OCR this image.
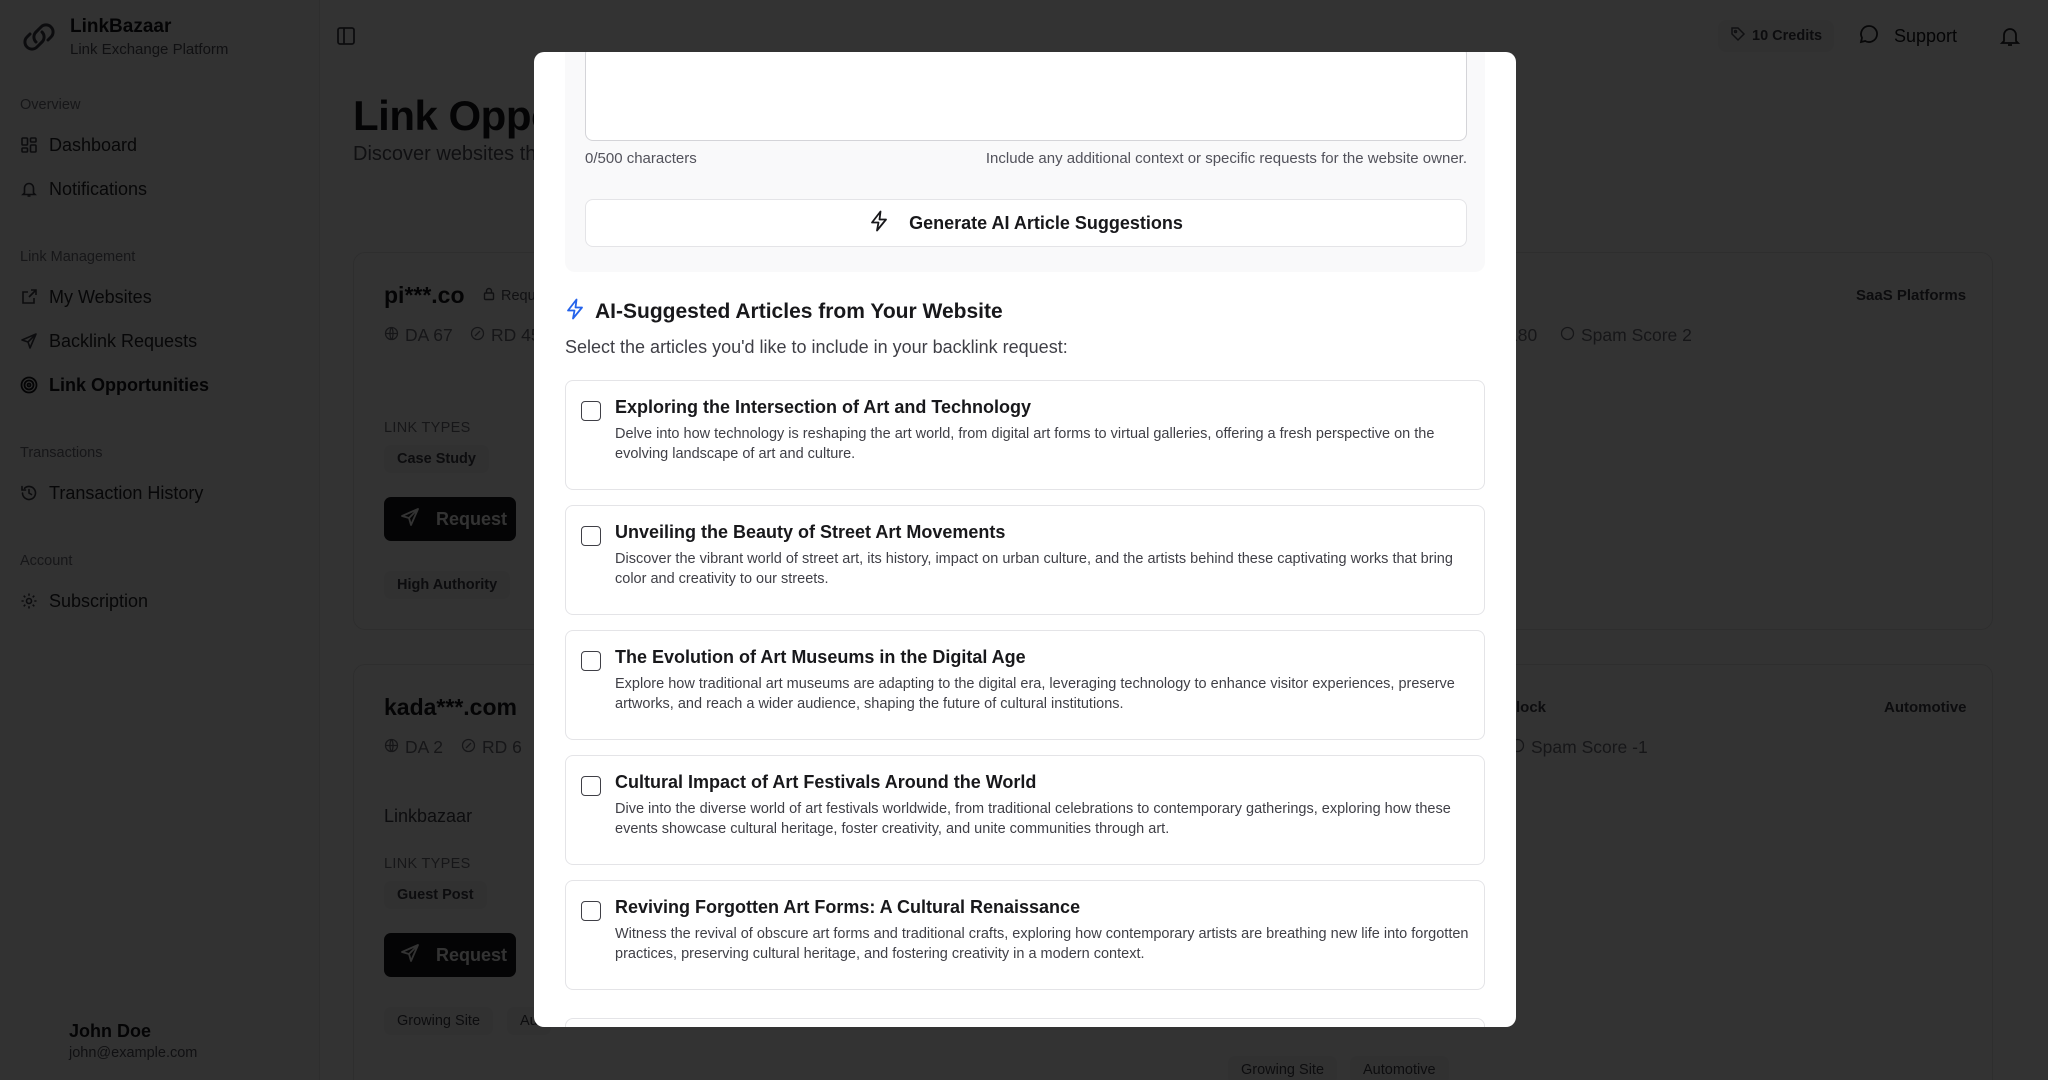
0/500 characters	Include any additional context or specific requests for the website owner.
Generate AI Article Suggestions
AI-Suggested Articles from Your Website
Select the articles you'd like to include in your backlink request:
Exploring the Intersection of Art and Technology
Delve into how technology is reshaping the art world, from digital art forms to virtual galleries, offering a fresh perspective on the evolving landscape of art and culture.
Unveiling the Beauty of Street Art Movements
Discover the vibrant world of street art, its history, impact on urban culture, and the artists behind these captivating works that bring color and creativity to our streets.
The Evolution of Art Museums in the Digital Age
Explore how traditional art museums are adapting to the digital era, leveraging technology to enhance visitor experiences, preserve artworks, and reach a wider audience, shaping the future of cultural institutions.
Cultural Impact of Art Festivals Around the World
Dive into the diverse world of art festivals worldwide, from traditional celebrations to contemporary gatherings, exploring how these events showcase cultural heritage, foster creativity, and unite communities through art.
Reviving Forgotten Art Forms: A Cultural Renaissance
Witness the revival of obscure art forms and traditional crafts, exploring how contemporary artists are breathing new life into forgotten practices, preserving cultural heritage, and fostering creativity in a modern context.
